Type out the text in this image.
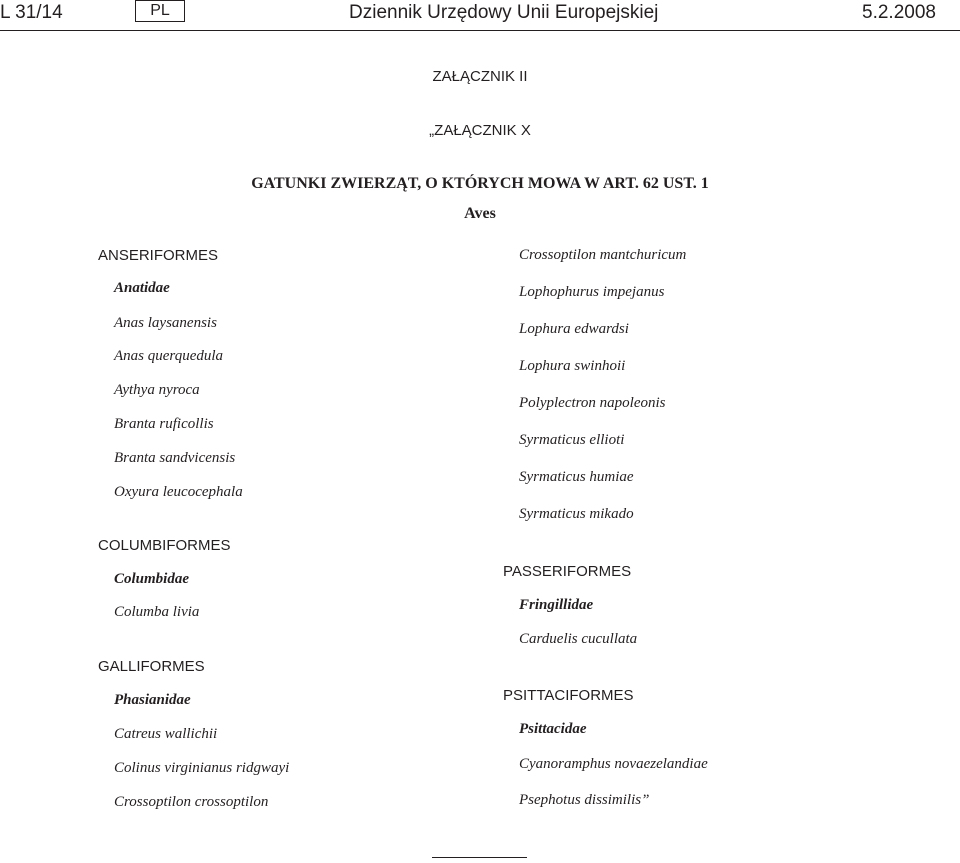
L 31/14	PL	Dziennik Urzędowy Unii Europejskiej	5.2.2008
ZAŁĄCZNIK II
„ZAŁĄCZNIK X
GATUNKI ZWIERZĄT, O KTÓRYCH MOWA W ART. 62 UST. 1
Aves
ANSERIFORMES
Anatidae
Anas laysanensis
Anas querquedula
Aythya nyroca
Branta ruficollis
Branta sandvicensis
Oxyura leucocephala
COLUMBIFORMES
Columbidae
Columba livia
GALLIFORMES
Phasianidae
Catreus wallichii
Colinus virginianus ridgwayi
Crossoptilon crossoptilon
Crossoptilon mantchuricum
Lophophurus impejanus
Lophura edwardsi
Lophura swinhoii
Polyplectron napoleonis
Syrmaticus ellioti
Syrmaticus humiae
Syrmaticus mikado
PASSERIFORMES
Fringillidae
Carduelis cucullata
PSITTACIFORMES
Psittacidae
Cyanoramphus novaezelandiae
Psephotus dissimilis”
